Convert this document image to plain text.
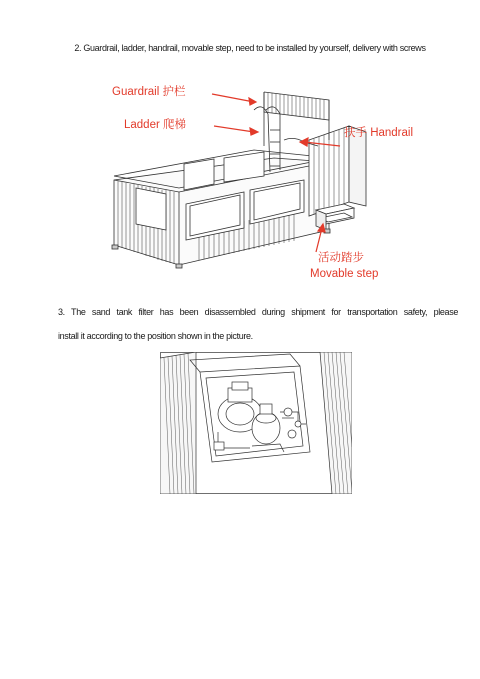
2. Guardrail, ladder, handrail, movable step, need to be installed by yourself, delivery with screws
Guardrail 护栏
Ladder 爬梯
扶手 Handrail
活动踏步
Movable step
3. The sand tank filter has been disassembled during shipment for transportation safety, please
install it according to the position shown in the picture.
